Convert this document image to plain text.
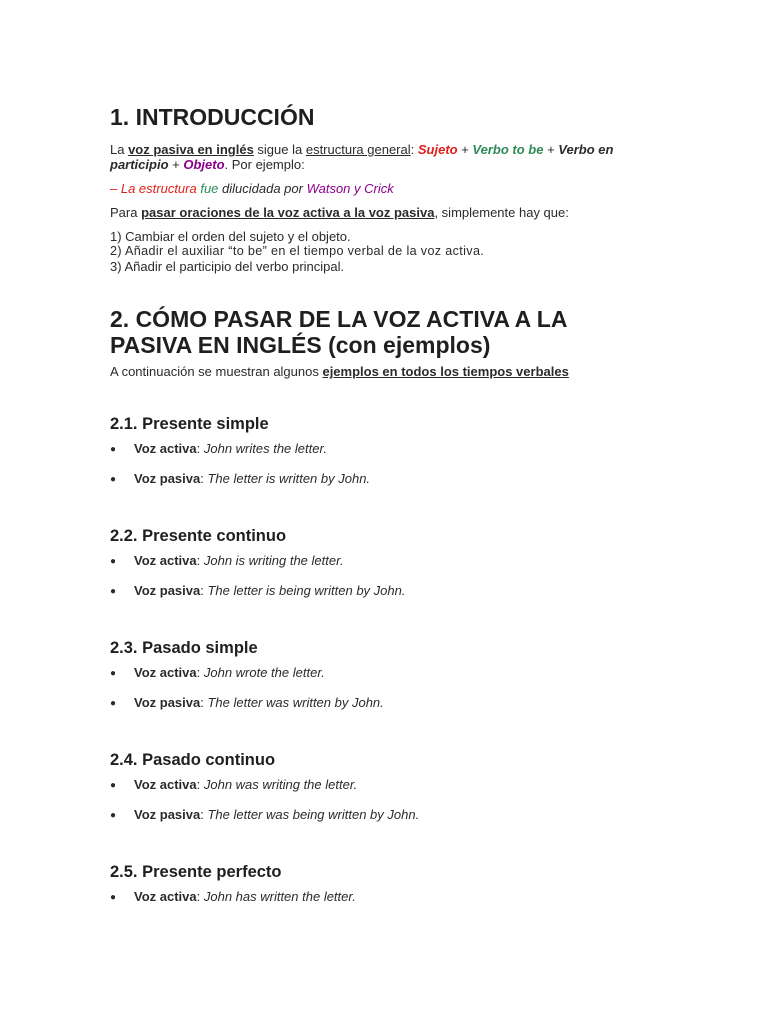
1. INTRODUCCIÓN

La voz pasiva en inglés sigue la estructura general: Sujeto + Verbo to be + Verbo en participio + Objeto. Por ejemplo:

– La estructura fue dilucidada por Watson y Crick

Para pasar oraciones de la voz activa a la voz pasiva, simplemente hay que:

1) Cambiar el orden del sujeto y el objeto.

2) Añadir el auxiliar “to be” en el tiempo verbal de la voz activa.

3) Añadir el participio del verbo principal.

2. CÓMO PASAR DE LA VOZ ACTIVA A LA
PASIVA EN INGLÉS (con ejemplos)

A continuación se muestran algunos ejemplos en todos los tiempos verbales

2.1. Presente simple
● Voz activa: John writes the letter.
● Voz pasiva: The letter is written by John.
2.2. Presente continuo
● Voz activa: John is writing the letter.
● Voz pasiva: The letter is being written by John.
2.3. Pasado simple
● Voz activa: John wrote the letter.
● Voz pasiva: The letter was written by John.
2.4. Pasado continuo
● Voz activa: John was writing the letter.
● Voz pasiva: The letter was being written by John.
2.5. Presente perfecto
● Voz activa: John has written the letter.
